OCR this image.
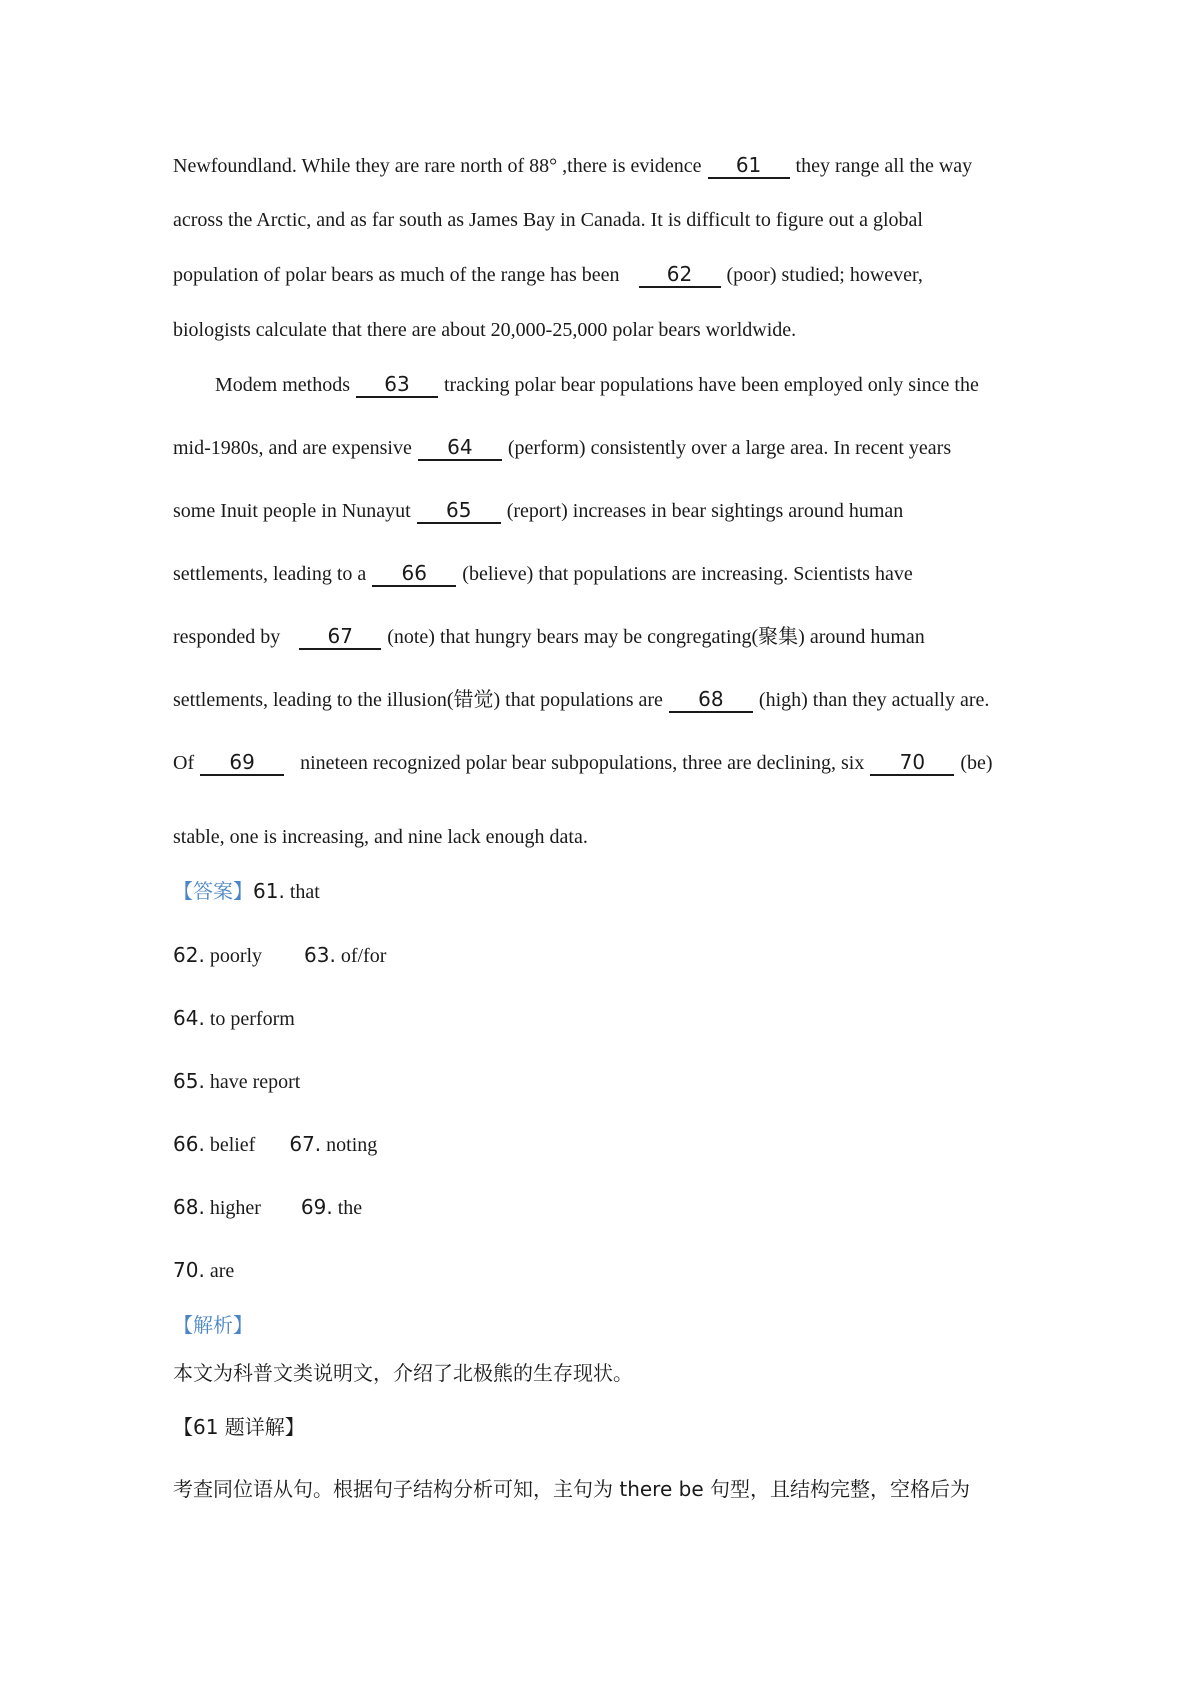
Newfoundland. While they are rare north of 88° ,there is evidence 61 they range all the way
across the Arctic, and as far south as James Bay in Canada. It is difficult to figure out a global
population of polar bears as much of the range has been 62 (poor) studied; however,
biologists calculate that there are about 20,000-25,000 polar bears worldwide.
Modem methods 63 tracking polar bear populations have been employed only since the
mid-1980s, and are expensive 64 (perform) consistently over a large area. In recent years
some Inuit people in Nunayut 65 (report) increases in bear sightings around human
settlements, leading to a 66 (believe) that populations are increasing. Scientists have
responded by 67 (note) that hungry bears may be congregating(聚集) around human
settlements, leading to the illusion(错觉) that populations are 68 (high) than they actually are.
Of 69 nineteen recognized polar bear subpopulations, three are declining, six 70 (be)
stable, one is increasing, and nine lack enough data.
【答案】61. that
62. poorly 63. of/for
64. to perform
65. have report
66. belief 67. noting
68. higher 69. the
70. are
【解析】
本文为科普文类说明文，介绍了北极熊的生存现状。
【61 题详解】
考查同位语从句。根据句子结构分析可知，主句为 there be 句型，且结构完整，空格后为
